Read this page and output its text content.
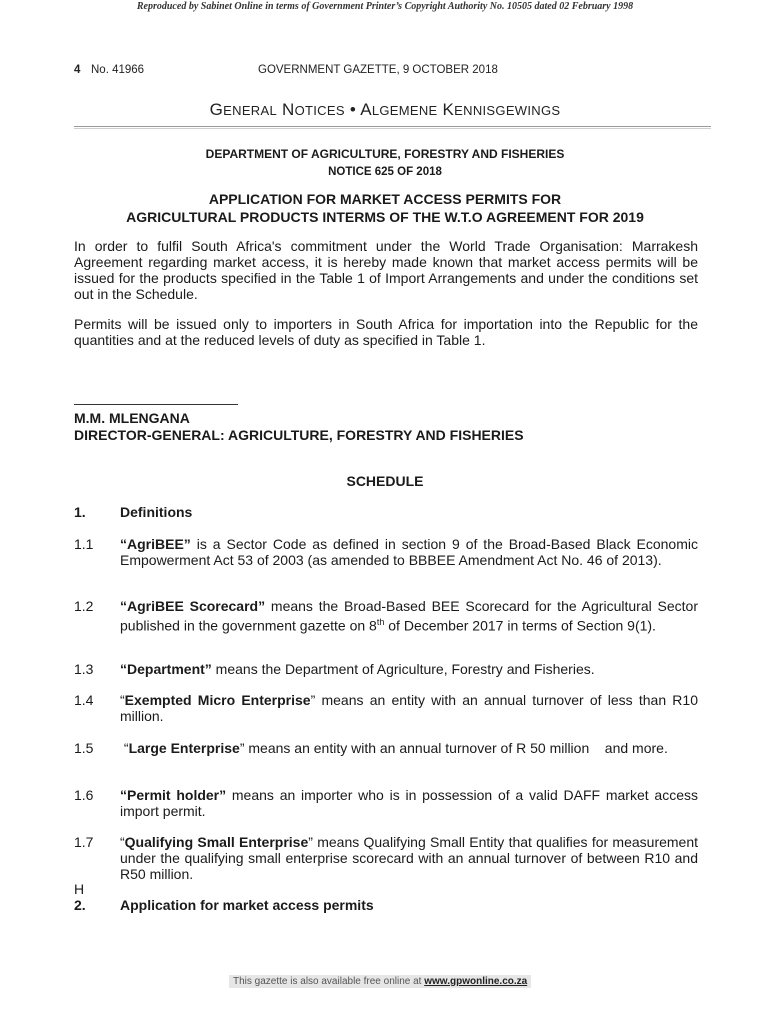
Reproduced by Sabinet Online in terms of Government Printer’s Copyright Authority No. 10505 dated 02 February 1998
4 No. 41966	GOVERNMENT GAZETTE, 9 OCTOBER 2018
GENERAL NOTICES • ALGEMENE KENNISGEWINGS
DEPARTMENT OF AGRICULTURE, FORESTRY AND FISHERIES
NOTICE 625 OF 2018
APPLICATION FOR MARKET ACCESS PERMITS FOR
AGRICULTURAL PRODUCTS INTERMS OF THE W.T.O AGREEMENT FOR 2019
In order to fulfil South Africa's commitment under the World Trade Organisation: Marrakesh Agreement regarding market access, it is hereby made known that market access permits will be issued for the products specified in the Table 1 of Import Arrangements and under the conditions set out in the Schedule.
Permits will be issued only to importers in South Africa for importation into the Republic for the quantities and at the reduced levels of duty as specified in Table 1.
M.M. MLENGANA
DIRECTOR-GENERAL: AGRICULTURE, FORESTRY AND FISHERIES
SCHEDULE
1. Definitions
1.1 “AgriBEE” is a Sector Code as defined in section 9 of the Broad-Based Black Economic Empowerment Act 53 of 2003 (as amended to BBBEE Amendment Act No. 46 of 2013).
1.2 “AgriBEE Scorecard” means the Broad-Based BEE Scorecard for the Agricultural Sector published in the government gazette on 8th of December 2017 in terms of Section 9(1).
1.3 “Department” means the Department of Agriculture, Forestry and Fisheries.
1.4 “Exempted Micro Enterprise” means an entity with an annual turnover of less than R10 million.
1.5 “Large Enterprise” means an entity with an annual turnover of R 50 million    and more.
1.6 “Permit holder” means an importer who is in possession of a valid DAFF market access import permit.
1.7 “Qualifying Small Enterprise” means Qualifying Small Entity that qualifies for measurement under the qualifying small enterprise scorecard with an annual turnover of between R10 and R50 million.
H
2. Application for market access permits
This gazette is also available free online at www.gpwonline.co.za
